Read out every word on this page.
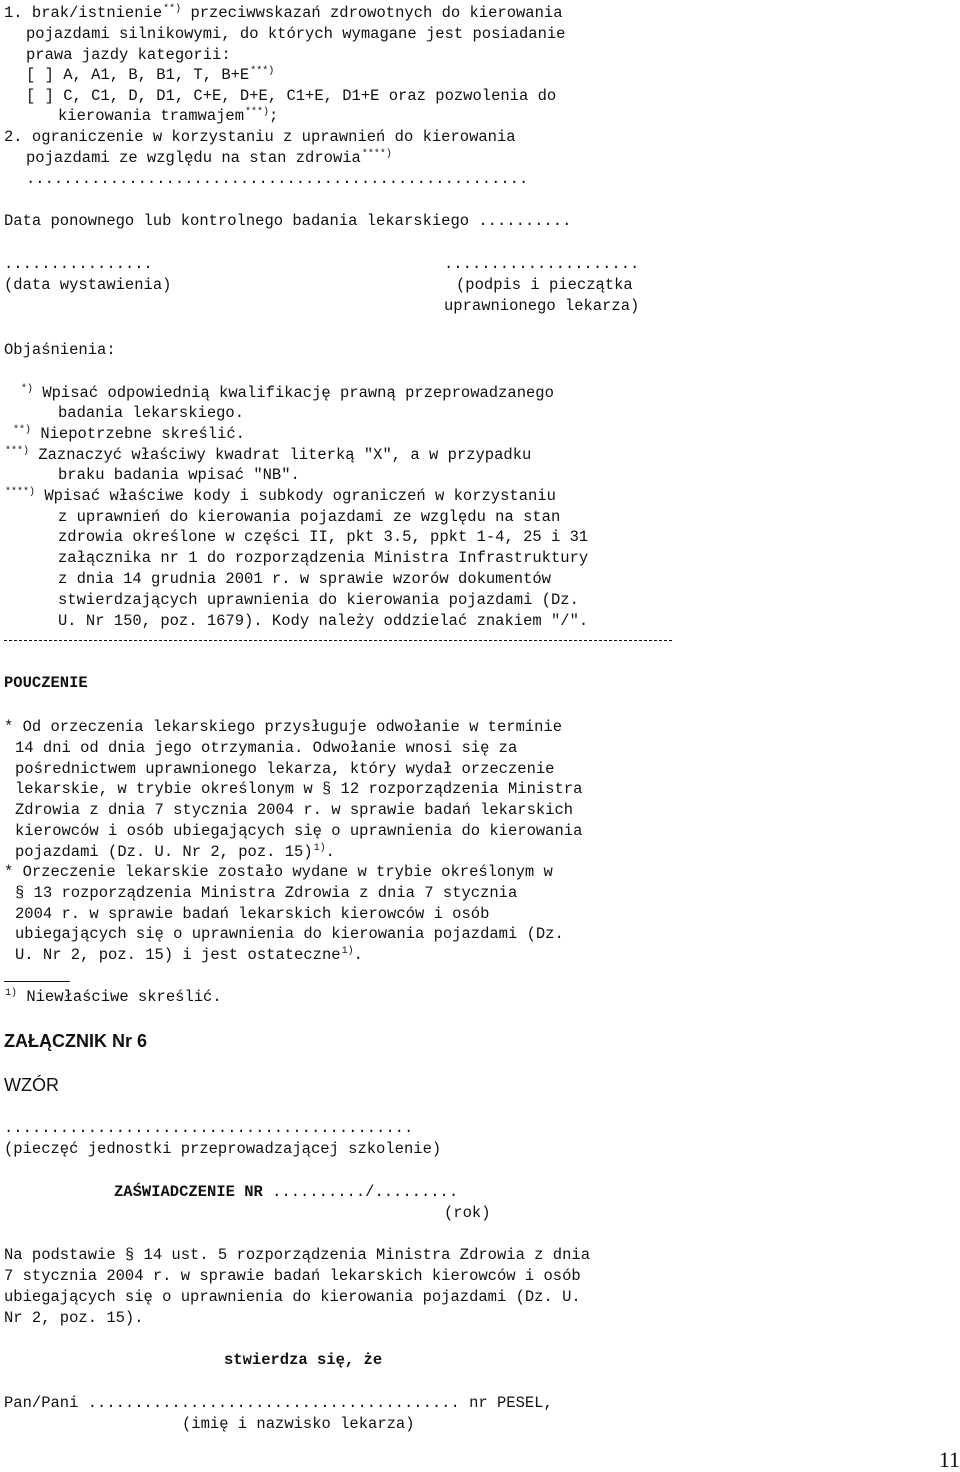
1. brak/istnienie**) przeciwwskazań zdrowotnych do kierowania
pojazdami silnikowymi, do których wymagane jest posiadanie
prawa jazdy kategorii:
[ ] A, A1, B, B1, T, B+E***)
[ ] C, C1, D, D1, C+E, D+E, C1+E, D1+E oraz pozwolenia do
kierowania tramwajem***);
2. ograniczenie w korzystaniu z uprawnień do kierowania
pojazdami ze względu na stan zdrowia****)
......................................................
Data ponownego lub kontrolnego badania lekarskiego ..........
................	.....................
(data wystawienia)	(podpis i pieczątka
uprawnionego lekarza)
Objaśnienia:
*) Wpisać odpowiednią kwalifikację prawną przeprowadzanego
badania lekarskiego.
**) Niepotrzebne skreślić.
***) Zaznaczyć właściwy kwadrat literką "X", a w przypadku
braku badania wpisać "NB".
****) Wpisać właściwe kody i subkody ograniczeń w korzystaniu
z uprawnień do kierowania pojazdami ze względu na stan
zdrowia określone w części II, pkt 3.5, ppkt 1-4, 25 i 31
załącznika nr 1 do rozporządzenia Ministra Infrastruktury
z dnia 14 grudnia 2001 r. w sprawie wzorów dokumentów
stwierdzających uprawnienia do kierowania pojazdami (Dz.
U. Nr 150, poz. 1679). Kody należy oddzielać znakiem "/".
POUCZENIE
* Od orzeczenia lekarskiego przysługuje odwołanie w terminie
14 dni od dnia jego otrzymania. Odwołanie wnosi się za
pośrednictwem uprawnionego lekarza, który wydał orzeczenie
lekarskie, w trybie określonym w § 12 rozporządzenia Ministra
Zdrowia z dnia 7 stycznia 2004 r. w sprawie badań lekarskich
kierowców i osób ubiegających się o uprawnienia do kierowania
pojazdami (Dz. U. Nr 2, poz. 15)$^{1)}$.
* Orzeczenie lekarskie zostało wydane w trybie określonym w
§ 13 rozporządzenia Ministra Zdrowia z dnia 7 stycznia
2004 r. w sprawie badań lekarskich kierowców i osób
ubiegających się o uprawnienia do kierowania pojazdami (Dz.
U. Nr 2, poz. 15) i jest ostateczne$^{1)}$.
$^{1)}$ Niewłaściwe skreślić.
ZAŁĄCZNIK Nr 6
WZÓR
............................................
(pieczęć jednostki przeprowadzającej szkolenie)
ZAŚWIADCZENIE NR ........../.........
(rok)
Na podstawie § 14 ust. 5 rozporządzenia Ministra Zdrowia z dnia
7 stycznia 2004 r. w sprawie badań lekarskich kierowców i osób
ubiegających się o uprawnienia do kierowania pojazdami (Dz. U.
Nr 2, poz. 15).
stwierdza się, że
Pan/Pani ........................................ nr PESEL,
(imię i nazwisko lekarza)
11
